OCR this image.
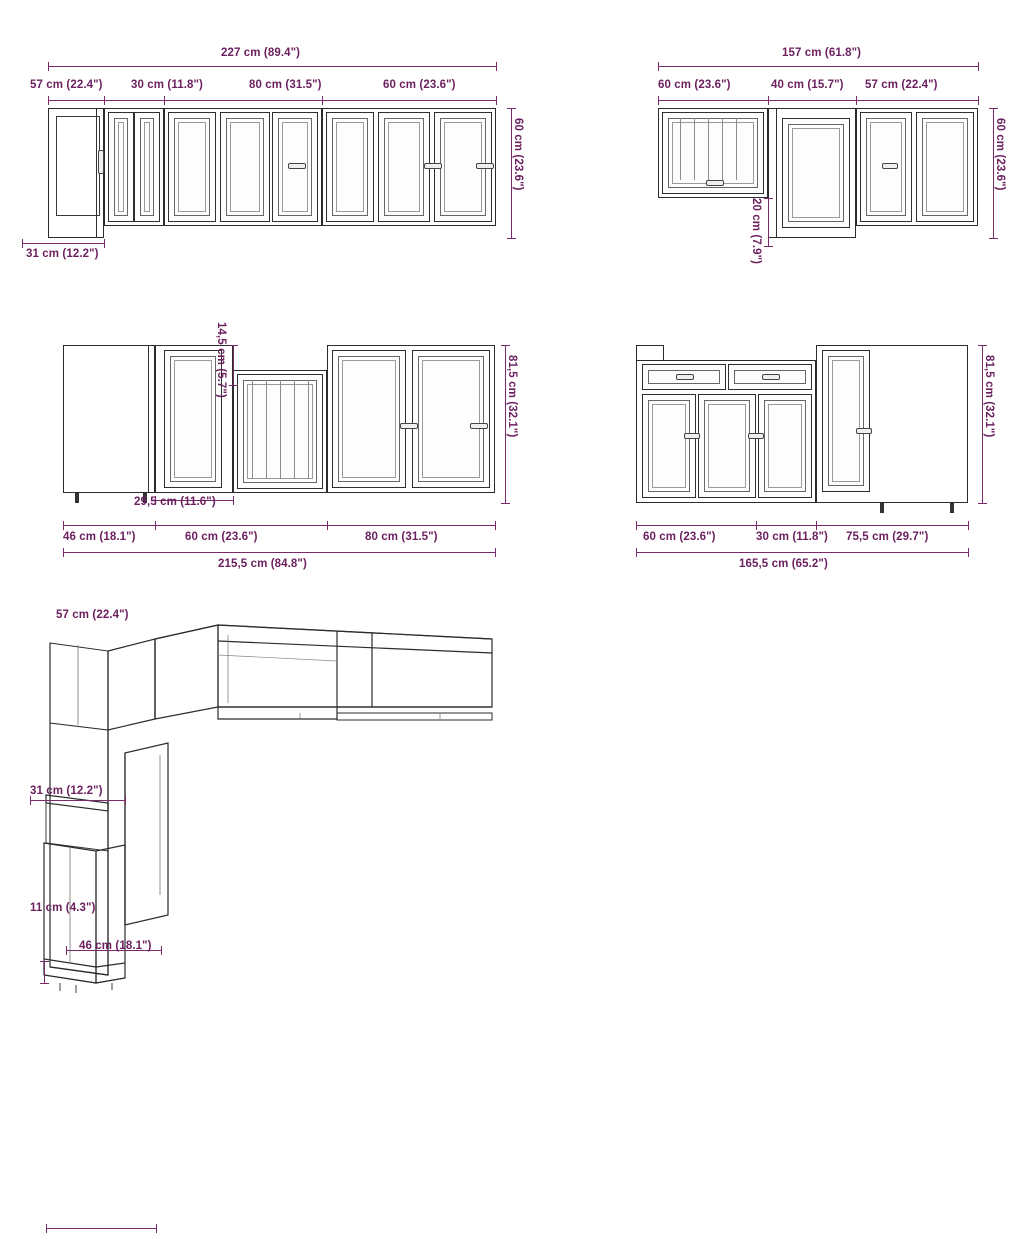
227 cm (89.4")
57 cm (22.4") 30 cm (11.8")	80 cm (31.5")	60 cm (23.6")
60 cm (23.6")
31 cm (12.2")
157 cm (61.8")
60 cm (23.6")	40 cm (15.7") 57 cm (22.4")
60 cm (23.6")
20 cm (7.9")
14,5 cm (5.7")	81,5 cm (32.1")
29,5 cm (11.6")
46 cm (18.1")	60 cm (23.6")	80 cm (31.5")
215,5 cm (84.8")
81,5 cm (32.1")
60 cm (23.6")	30 cm (11.8") 75,5 cm (29.7")
165,5 cm (65.2")
57 cm (22.4")
31 cm (12.2")
11 cm (4.3")
46 cm (18.1")
